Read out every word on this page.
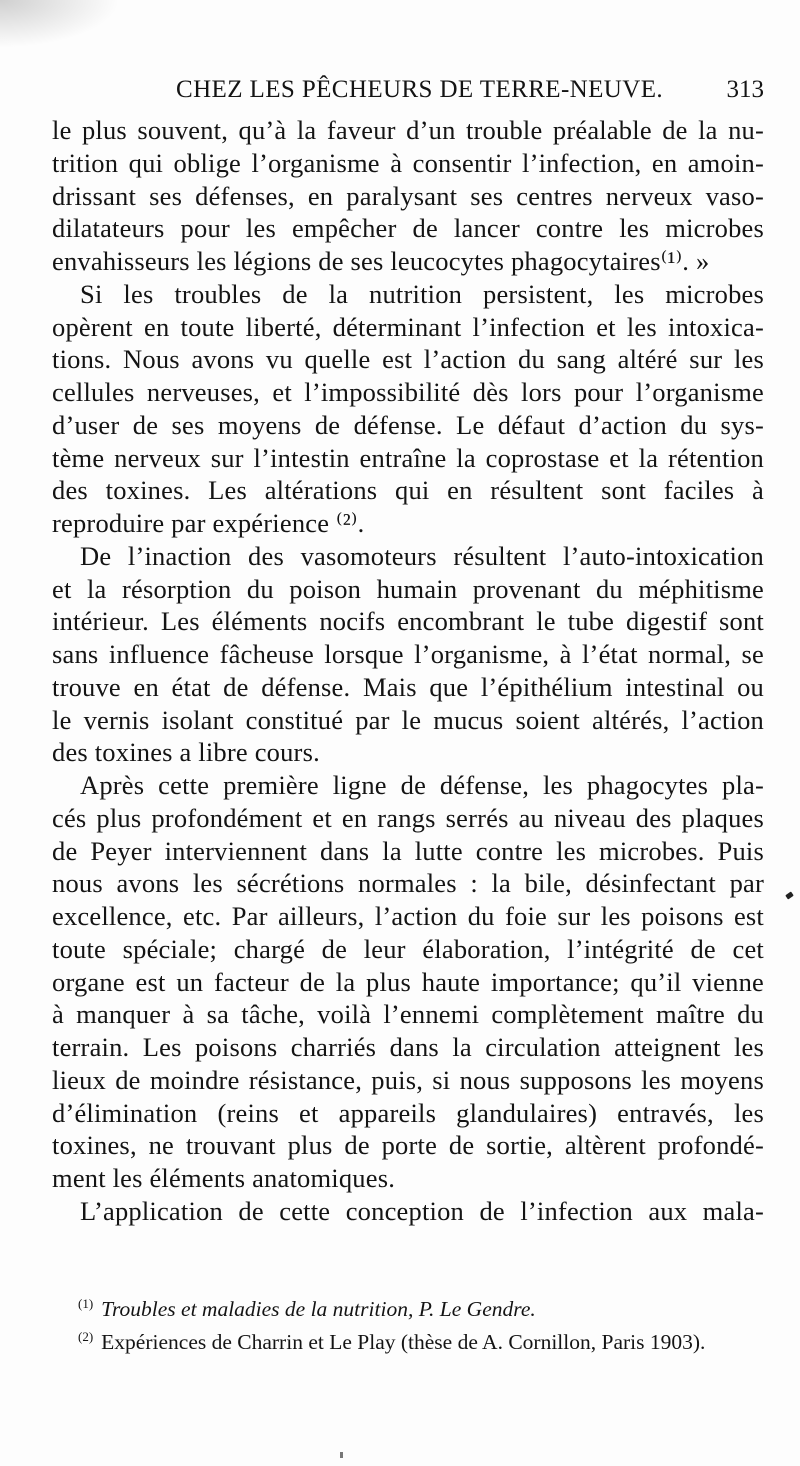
CHEZ LES PÊCHEURS DE TERRE-NEUVE.	313
le plus souvent, qu’à la faveur d’un trouble préalable de la nu-
trition qui oblige l’organisme à consentir l’infection, en amoin-
drissant ses défenses, en paralysant ses centres nerveux vaso-
dilatateurs pour les empêcher de lancer contre les microbes
envahisseurs les légions de ses leucocytes phagocytaires⁽¹⁾. »
Si les troubles de la nutrition persistent, les microbes
opèrent en toute liberté, déterminant l’infection et les intoxica-
tions. Nous avons vu quelle est l’action du sang altéré sur les
cellules nerveuses, et l’impossibilité dès lors pour l’organisme
d’user de ses moyens de défense. Le défaut d’action du sys-
tème nerveux sur l’intestin entraîne la coprostase et la rétention
des toxines. Les altérations qui en résultent sont faciles à
reproduire par expérience ⁽²⁾.
De l’inaction des vasomoteurs résultent l’auto-intoxication
et la résorption du poison humain provenant du méphitisme
intérieur. Les éléments nocifs encombrant le tube digestif sont
sans influence fâcheuse lorsque l’organisme, à l’état normal, se
trouve en état de défense. Mais que l’épithélium intestinal ou
le vernis isolant constitué par le mucus soient altérés, l’action
des toxines a libre cours.
Après cette première ligne de défense, les phagocytes pla-
cés plus profondément et en rangs serrés au niveau des plaques
de Peyer interviennent dans la lutte contre les microbes. Puis
nous avons les sécrétions normales : la bile, désinfectant par
excellence, etc. Par ailleurs, l’action du foie sur les poisons est
toute spéciale; chargé de leur élaboration, l’intégrité de cet
organe est un facteur de la plus haute importance; qu’il vienne
à manquer à sa tâche, voilà l’ennemi complètement maître du
terrain. Les poisons charriés dans la circulation atteignent les
lieux de moindre résistance, puis, si nous supposons les moyens
d’élimination (reins et appareils glandulaires) entravés, les
toxines, ne trouvant plus de porte de sortie, altèrent profondé-
ment les éléments anatomiques.
L’application de cette conception de l’infection aux mala-
(1) Troubles et maladies de la nutrition, P. Le Gendre.
(2) Expériences de Charrin et Le Play (thèse de A. Cornillon, Paris 1903).
